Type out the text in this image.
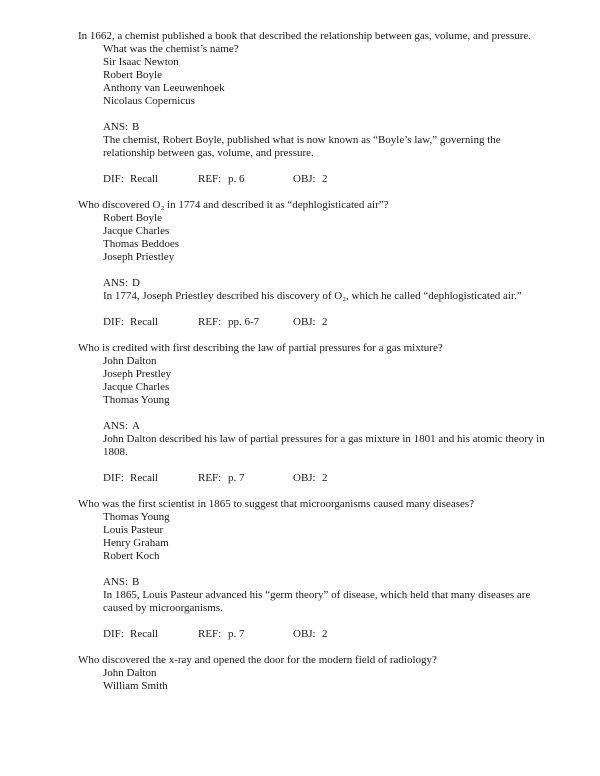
In 1662, a chemist published a book that described the relationship between gas, volume, and pressure. What was the chemist’s name?
Sir Isaac Newton
Robert Boyle
Anthony van Leeuwenhoek
Nicolaus Copernicus
ANS: B
The chemist, Robert Boyle, published what is now known as “Boyle’s law,” governing the relationship between gas, volume, and pressure.
DIF: Recall	REF: p. 6	OBJ: 2
Who discovered O₂ in 1774 and described it as “dephlogisticated air”?
Robert Boyle
Jacque Charles
Thomas Beddoes
Joseph Priestley
ANS: D
In 1774, Joseph Priestley described his discovery of O₂, which he called “dephlogisticated air.”
DIF: Recall	REF: pp. 6-7	OBJ: 2
Who is credited with first describing the law of partial pressures for a gas mixture?
John Dalton
Joseph Prestley
Jacque Charles
Thomas Young
ANS: A
John Dalton described his law of partial pressures for a gas mixture in 1801 and his atomic theory in 1808.
DIF: Recall	REF: p. 7	OBJ: 2
Who was the first scientist in 1865 to suggest that microorganisms caused many diseases?
Thomas Young
Louis Pasteur
Henry Graham
Robert Koch
ANS: B
In 1865, Louis Pasteur advanced his “germ theory” of disease, which held that many diseases are caused by microorganisms.
DIF: Recall	REF: p. 7	OBJ: 2
Who discovered the x-ray and opened the door for the modern field of radiology?
John Dalton
William Smith
